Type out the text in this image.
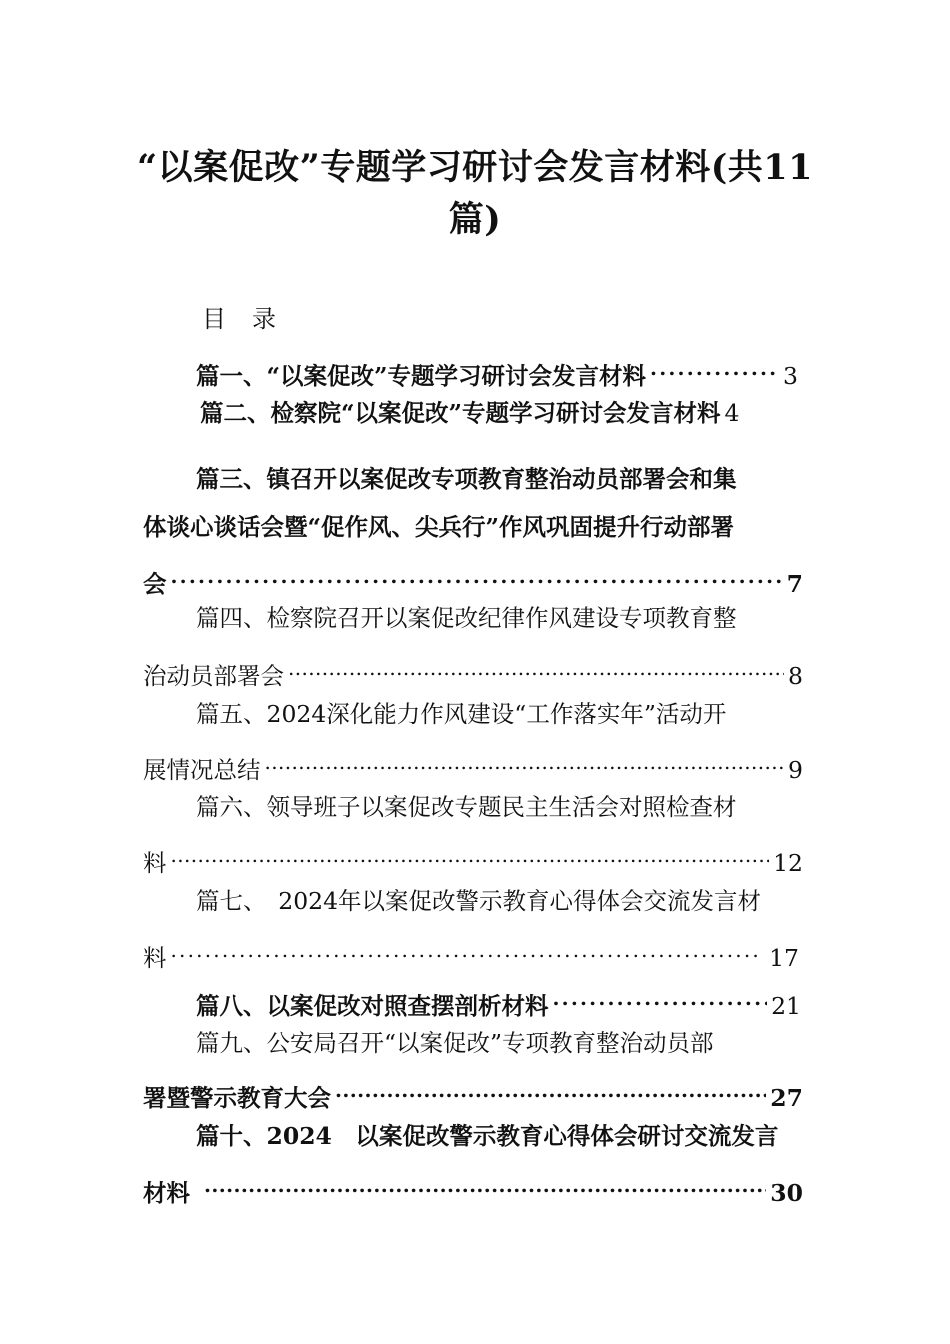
“以案促改”专题学习研讨会发言材料(共11
篇)
目 录
篇一、“以案促改”专题学习研讨会发言材料 .....	3
篇二、检察院“以案促改”专题学习研讨会发言材料 4
篇三、镇召开以案促改专项教育整治动员部署会和集
体谈心谈话会暨“促作风、尖兵行”作风巩固提升行动部署
会 .....	7
篇四、检察院召开以案促改纪律作风建设专项教育整
治动员部署会 .....	8
篇五、2024深化能力作风建设“工作落实年”活动开
展情况总结 .....	9
篇六、领导班子以案促改专题民主生活会对照检查材
料 .....	12
篇七、　2024年以案促改警示教育心得体会交流发言材
料 .....	17
篇八、以案促改对照查摆剖析材料 .....	21
篇九、公安局召开“以案促改”专项教育整治动员部
署暨警示教育大会 .....	27
篇十、2024　以案促改警示教育心得体会研讨交流发言
材料 .....	30
